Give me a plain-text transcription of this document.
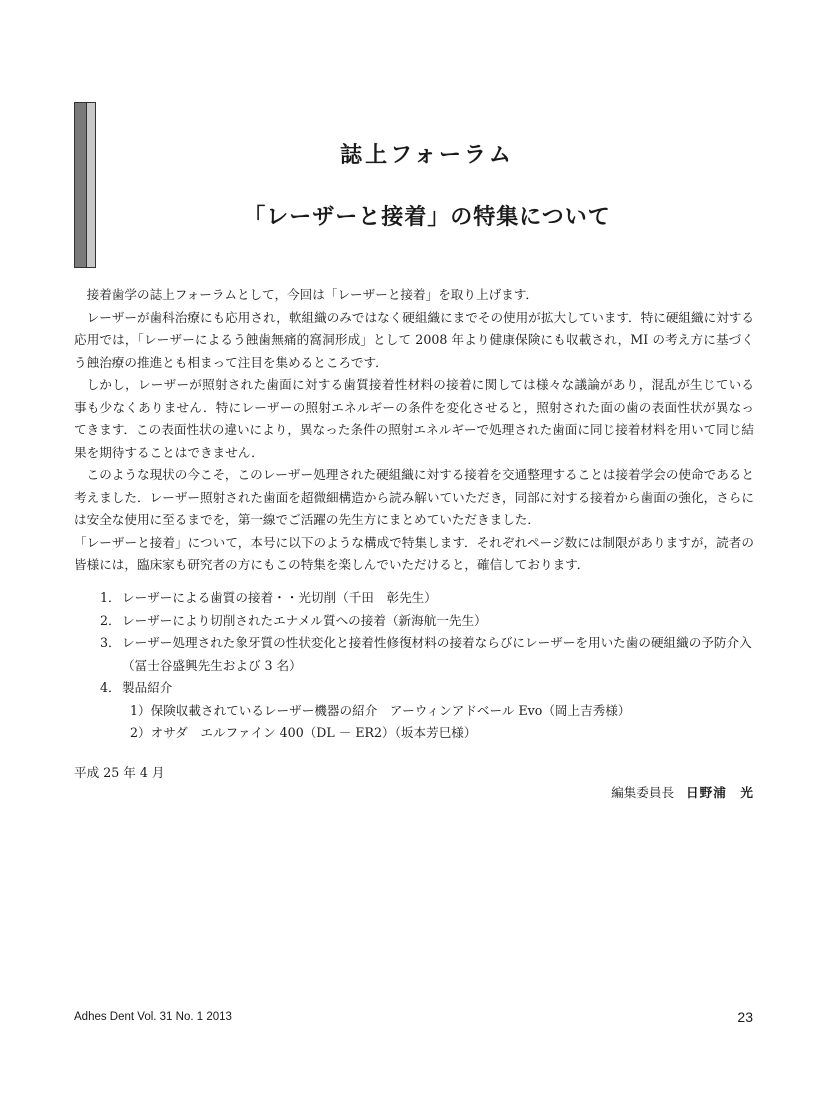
誌上フォーラム
「レーザーと接着」の特集について

接着歯学の誌上フォーラムとして，今回は「レーザーと接着」を取り上げます．

レーザーが歯科治療にも応用され，軟組織のみではなく硬組織にまでその使用が拡大しています．特に硬組織に対する応用では，「レーザーによるう蝕歯無痛的窩洞形成」として 2008 年より健康保険にも収載され，MI の考え方に基づくう蝕治療の推進とも相まって注目を集めるところです．

しかし，レーザーが照射された歯面に対する歯質接着性材料の接着に関しては様々な議論があり，混乱が生じている事も少なくありません．特にレーザーの照射エネルギーの条件を変化させると，照射された面の歯の表面性状が異なってきます．この表面性状の違いにより，異なった条件の照射エネルギーで処理された歯面に同じ接着材料を用いて同じ結果を期待することはできません．

このような現状の今こそ，このレーザー処理された硬組織に対する接着を交通整理することは接着学会の使命であると考えました．レーザー照射された歯面を超微細構造から読み解いていただき，同部に対する接着から歯面の強化，さらには安全な使用に至るまでを，第一線でご活躍の先生方にまとめていただきました．

「レーザーと接着」について，本号に以下のような構成で特集します．それぞれページ数には制限がありますが，読者の皆様には，臨床家も研究者の方にもこの特集を楽しんでいただけると，確信しております．

1． レーザーによる歯質の接着・・光切削（千田　彰先生）
2． レーザーにより切削されたエナメル質への接着（新海航一先生）
3． レーザー処理された象牙質の性状変化と接着性修復材料の接着ならびにレーザーを用いた歯の硬組織の予防介入（冨士谷盛興先生および 3 名）
4． 製品紹介
1）保険収載されているレーザー機器の紹介　アーウィンアドベール Evo（岡上吉秀様）
2）オサダ　エルファイン 400（DL － ER2）（坂本芳巳様）
平成 25 年 4 月
編集委員長 日野浦　光
Adhes Dent Vol. 31 No. 1 2013	23
